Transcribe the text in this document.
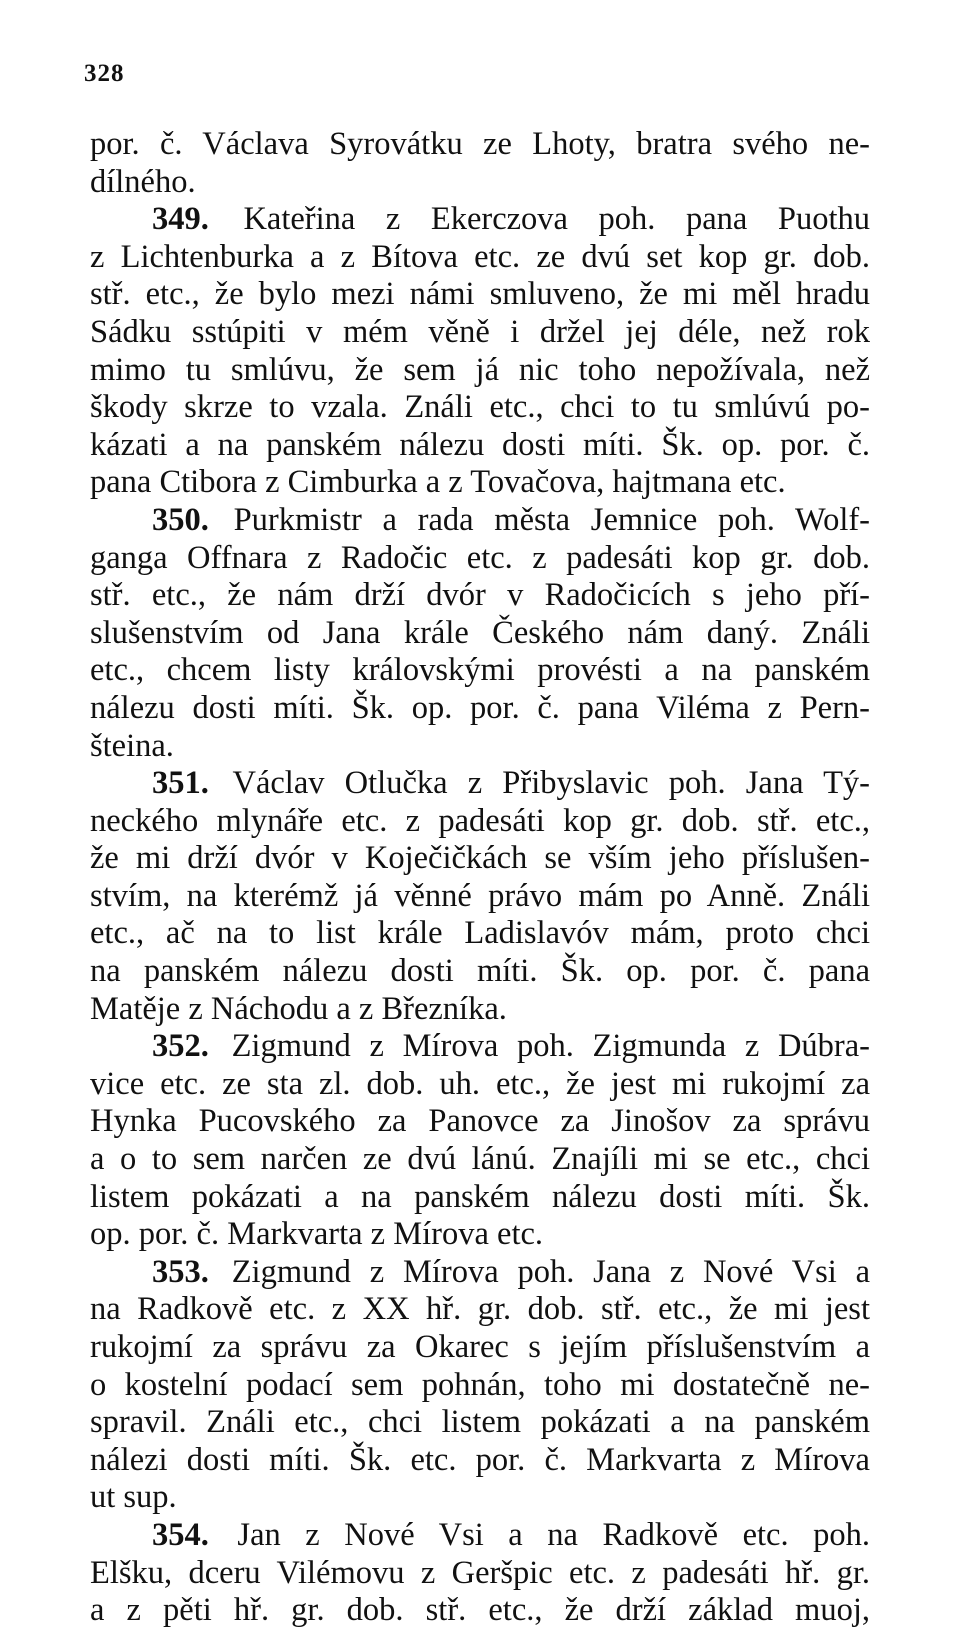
328
por. č. Václava Syrovátku ze Lhoty, bratra svého ne-
dílného.
349. Kateřina z Ekerczova poh. pana Puothu
z Lichtenburka a z Bítova etc. ze dvú set kop gr. dob.
stř. etc., že bylo mezi námi smluveno, že mi měl hradu
Sádku sstúpiti v mém věně i držel jej déle, než rok
mimo tu smlúvu, že sem já nic toho nepožívala, než
škody skrze to vzala. Ználi etc., chci to tu smlúvú po-
kázati a na panském nálezu dosti míti. Šk. op. por. č.
pana Ctibora z Cimburka a z Tovačova, hajtmana etc.
350. Purkmistr a rada města Jemnice poh. Wolf-
ganga Offnara z Radočic etc. z padesáti kop gr. dob.
stř. etc., že nám drží dvór v Radočicích s jeho pří-
slušenstvím od Jana krále Českého nám daný. Ználi
etc., chcem listy královskými provésti a na panském
nálezu dosti míti. Šk. op. por. č. pana Viléma z Pern-
šteina.
351. Václav Otlučka z Přibyslavic poh. Jana Tý-
neckého mlynáře etc. z padesáti kop gr. dob. stř. etc.,
že mi drží dvór v Koječičkách se vším jeho příslušen-
stvím, na kterémž já věnné právo mám po Anně. Ználi
etc., ač na to list krále Ladislavóv mám, proto chci
na panském nálezu dosti míti. Šk. op. por. č. pana
Matěje z Náchodu a z Březníka.
352. Zigmund z Mírova poh. Zigmunda z Dúbra-
vice etc. ze sta zl. dob. uh. etc., že jest mi rukojmí za
Hynka Pucovského za Panovce za Jinošov za správu
a o to sem narčen ze dvú lánú. Znajíli mi se etc., chci
listem pokázati a na panském nálezu dosti míti. Šk.
op. por. č. Markvarta z Mírova etc.
353. Zigmund z Mírova poh. Jana z Nové Vsi a
na Radkově etc. z XX hř. gr. dob. stř. etc., že mi jest
rukojmí za správu za Okarec s jejím příslušenstvím a
o kostelní podací sem pohnán, toho mi dostatečně ne-
spravil. Ználi etc., chci listem pokázati a na panském
nálezi dosti míti. Šk. etc. por. č. Markvarta z Mírova
ut sup.
354. Jan z Nové Vsi a na Radkově etc. poh.
Elšku, dceru Vilémovu z Geršpic etc. z padesáti hř. gr.
a z pěti hř. gr. dob. stř. etc., že drží základ muoj,
